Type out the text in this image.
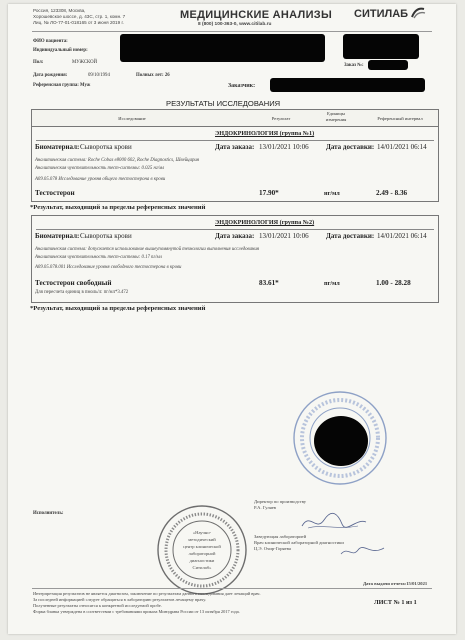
Россия, 123308, Москва,
Хорошевское шоссе, д. 43С, стр. 1, комн. 7
Лиц. № ЛО-77-01-018165 от 3 июня 2019 г.
МЕДИЦИНСКИЕ АНАЛИЗЫ
8 (800) 100-363-0, www.citilab.ru
СИТИЛАБ
ФИО пациента:
Индивидуальный номер:
Пол:	МУЖСКОЙ
Заказ №:
Дата рождения:	09/10/1994	Полных лет: 26
Референсная группа: Муж	Заказчик:
РЕЗУЛЬТАТЫ ИССЛЕДОВАНИЯ
Исследование	Результат
Единицы измерения	Референсный интервал
ЭНДОКРИНОЛОГИЯ (группа №1)
Биоматериал: Сыворотка крови	Дата заказа: 13/01/2021 10:06 Дата доставки: 14/01/2021 06:14
Аналитическая система: Roche Cobas e8000 602, Roche Diagnostics, Швейцария
Аналитическая чувствительность тест-системы: 0.025 нг/мл
A09.05.078 Исследование уровня общего тестостерона в крови
Тестостерон	17.90*	нг/мл	2.49 - 8.36
*Результат, выходящий за пределы референсных значений
ЭНДОКРИНОЛОГИЯ (группа №2)
Биоматериал: Сыворотка крови	Дата заказа: 13/01/2021 10:06 Дата доставки: 14/01/2021 06:14
Аналитическая система: допускается использование вышеупомянутой технологии выполнения исследования
Аналитическая чувствительность тест-системы: 0.17 пг/мл
A09.05.078.001 Исследование уровня свободного тестостерона в крови
Тестостерон свободный	83.61*	пг/мл	1.00 - 28.28
Для пересчета единиц в пмоль/л: пг/мл*3.472
*Результат, выходящий за пределы референсных значений
Исполнитель:
«Научно-
методический
центр клинической
лабораторной
диагностики
Ситилаб»
Директор по производству
Р.А. Гуляев
Заведующая лабораторией
Врач клинической лабораторной диагностики
Ц.Э. Очир-Горяева
Дата выдачи отчета:15/01/2021
Интерпретация результатов не является диагнозом, заключение по результатам данного исследования дает лечащий врач.
За последней информацией следует обращаться в лабораторию результатов лечащему врачу.
Полученные результаты относятся к конкретной исследуемой пробе.
Форма бланка утверждена в соответствии с требованиями приказа Минздрава России от 13 октября 2017 года.
ЛИСТ № 1 из 1
